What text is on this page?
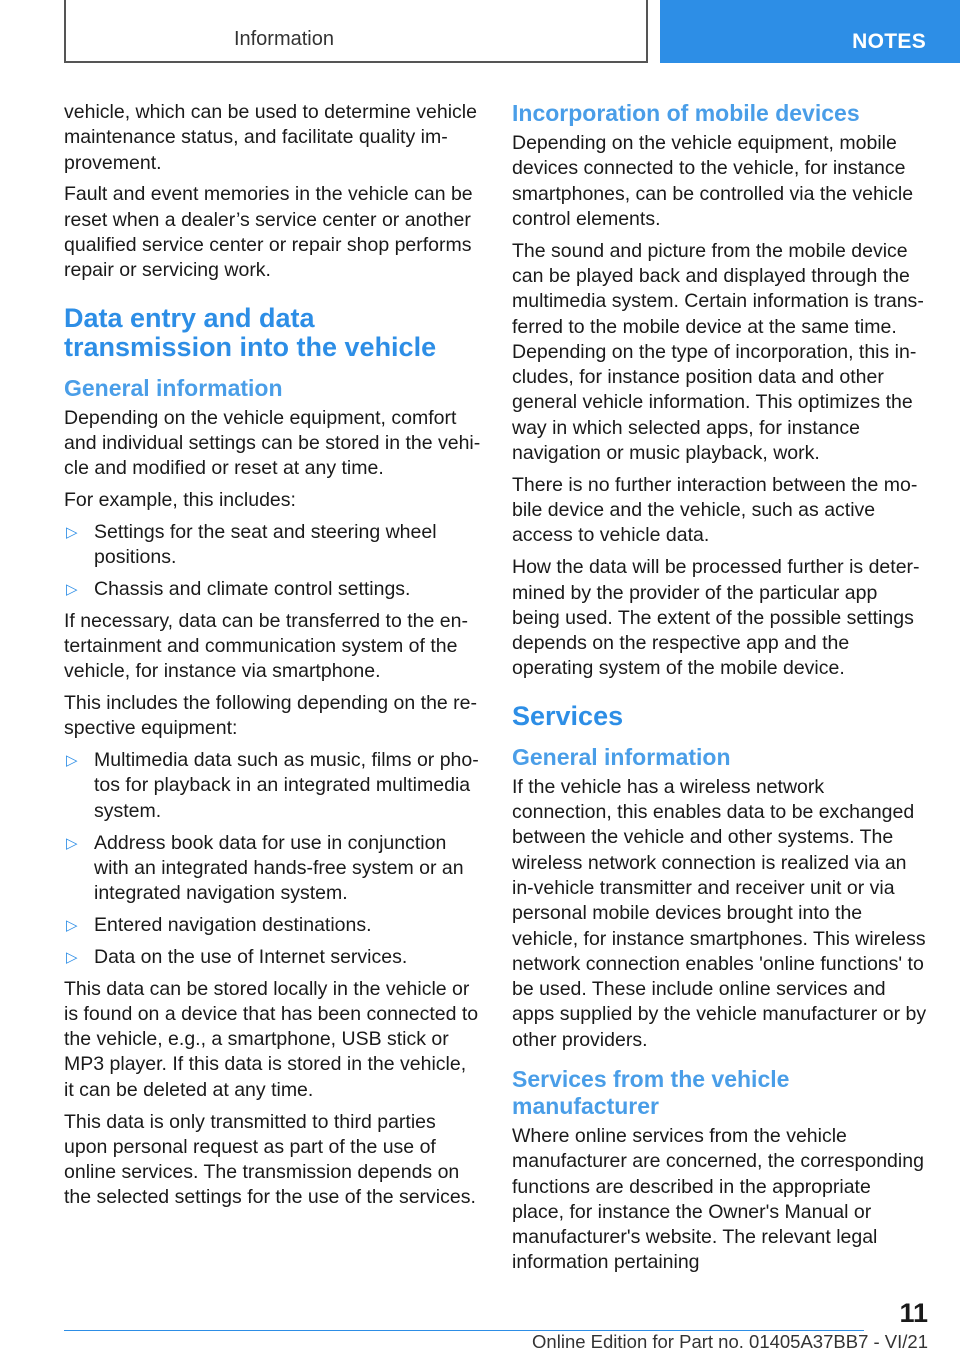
Information	NOTES

vehicle, which can be used to determine vehicle maintenance status, and facilitate quality improvement.

Fault and event memories in the vehicle can be reset when a dealer’s service center or another qualified service center or repair shop performs repair or servicing work.

Data entry and data transmission into the vehicle
General information

Depending on the vehicle equipment, comfort and individual settings can be stored in the vehicle and modified or reset at any time.

For example, this includes:

▷ Settings for the seat and steering wheel positions.
▷ Chassis and climate control settings.

If necessary, data can be transferred to the entertainment and communication system of the vehicle, for instance via smartphone.

This includes the following depending on the respective equipment:

▷ Multimedia data such as music, films or photos for playback in an integrated multimedia system.
▷ Address book data for use in conjunction with an integrated hands-free system or an integrated navigation system.
▷ Entered navigation destinations.
▷ Data on the use of Internet services.

This data can be stored locally in the vehicle or is found on a device that has been connected to the vehicle, e.g., a smartphone, USB stick or MP3 player. If this data is stored in the vehicle, it can be deleted at any time.

This data is only transmitted to third parties upon personal request as part of the use of online services. The transmission depends on the selected settings for the use of the services.

Incorporation of mobile devices

Depending on the vehicle equipment, mobile devices connected to the vehicle, for instance smartphones, can be controlled via the vehicle control elements.

The sound and picture from the mobile device can be played back and displayed through the multimedia system. Certain information is transferred to the mobile device at the same time. Depending on the type of incorporation, this includes, for instance position data and other general vehicle information. This optimizes the way in which selected apps, for instance navigation or music playback, work.

There is no further interaction between the mobile device and the vehicle, such as active access to vehicle data.

How the data will be processed further is determined by the provider of the particular app being used. The extent of the possible settings depends on the respective app and the operating system of the mobile device.

Services
General information

If the vehicle has a wireless network connection, this enables data to be exchanged between the vehicle and other systems. The wireless network connection is realized via an in-vehicle transmitter and receiver unit or via personal mobile devices brought into the vehicle, for instance smartphones. This wireless network connection enables 'online functions' to be used. These include online services and apps supplied by the vehicle manufacturer or by other providers.

Services from the vehicle manufacturer

Where online services from the vehicle manufacturer are concerned, the corresponding functions are described in the appropriate place, for instance the Owner's Manual or manufacturer's website. The relevant legal information pertaining

11
Online Edition for Part no. 01405A37BB7 - VI/21
